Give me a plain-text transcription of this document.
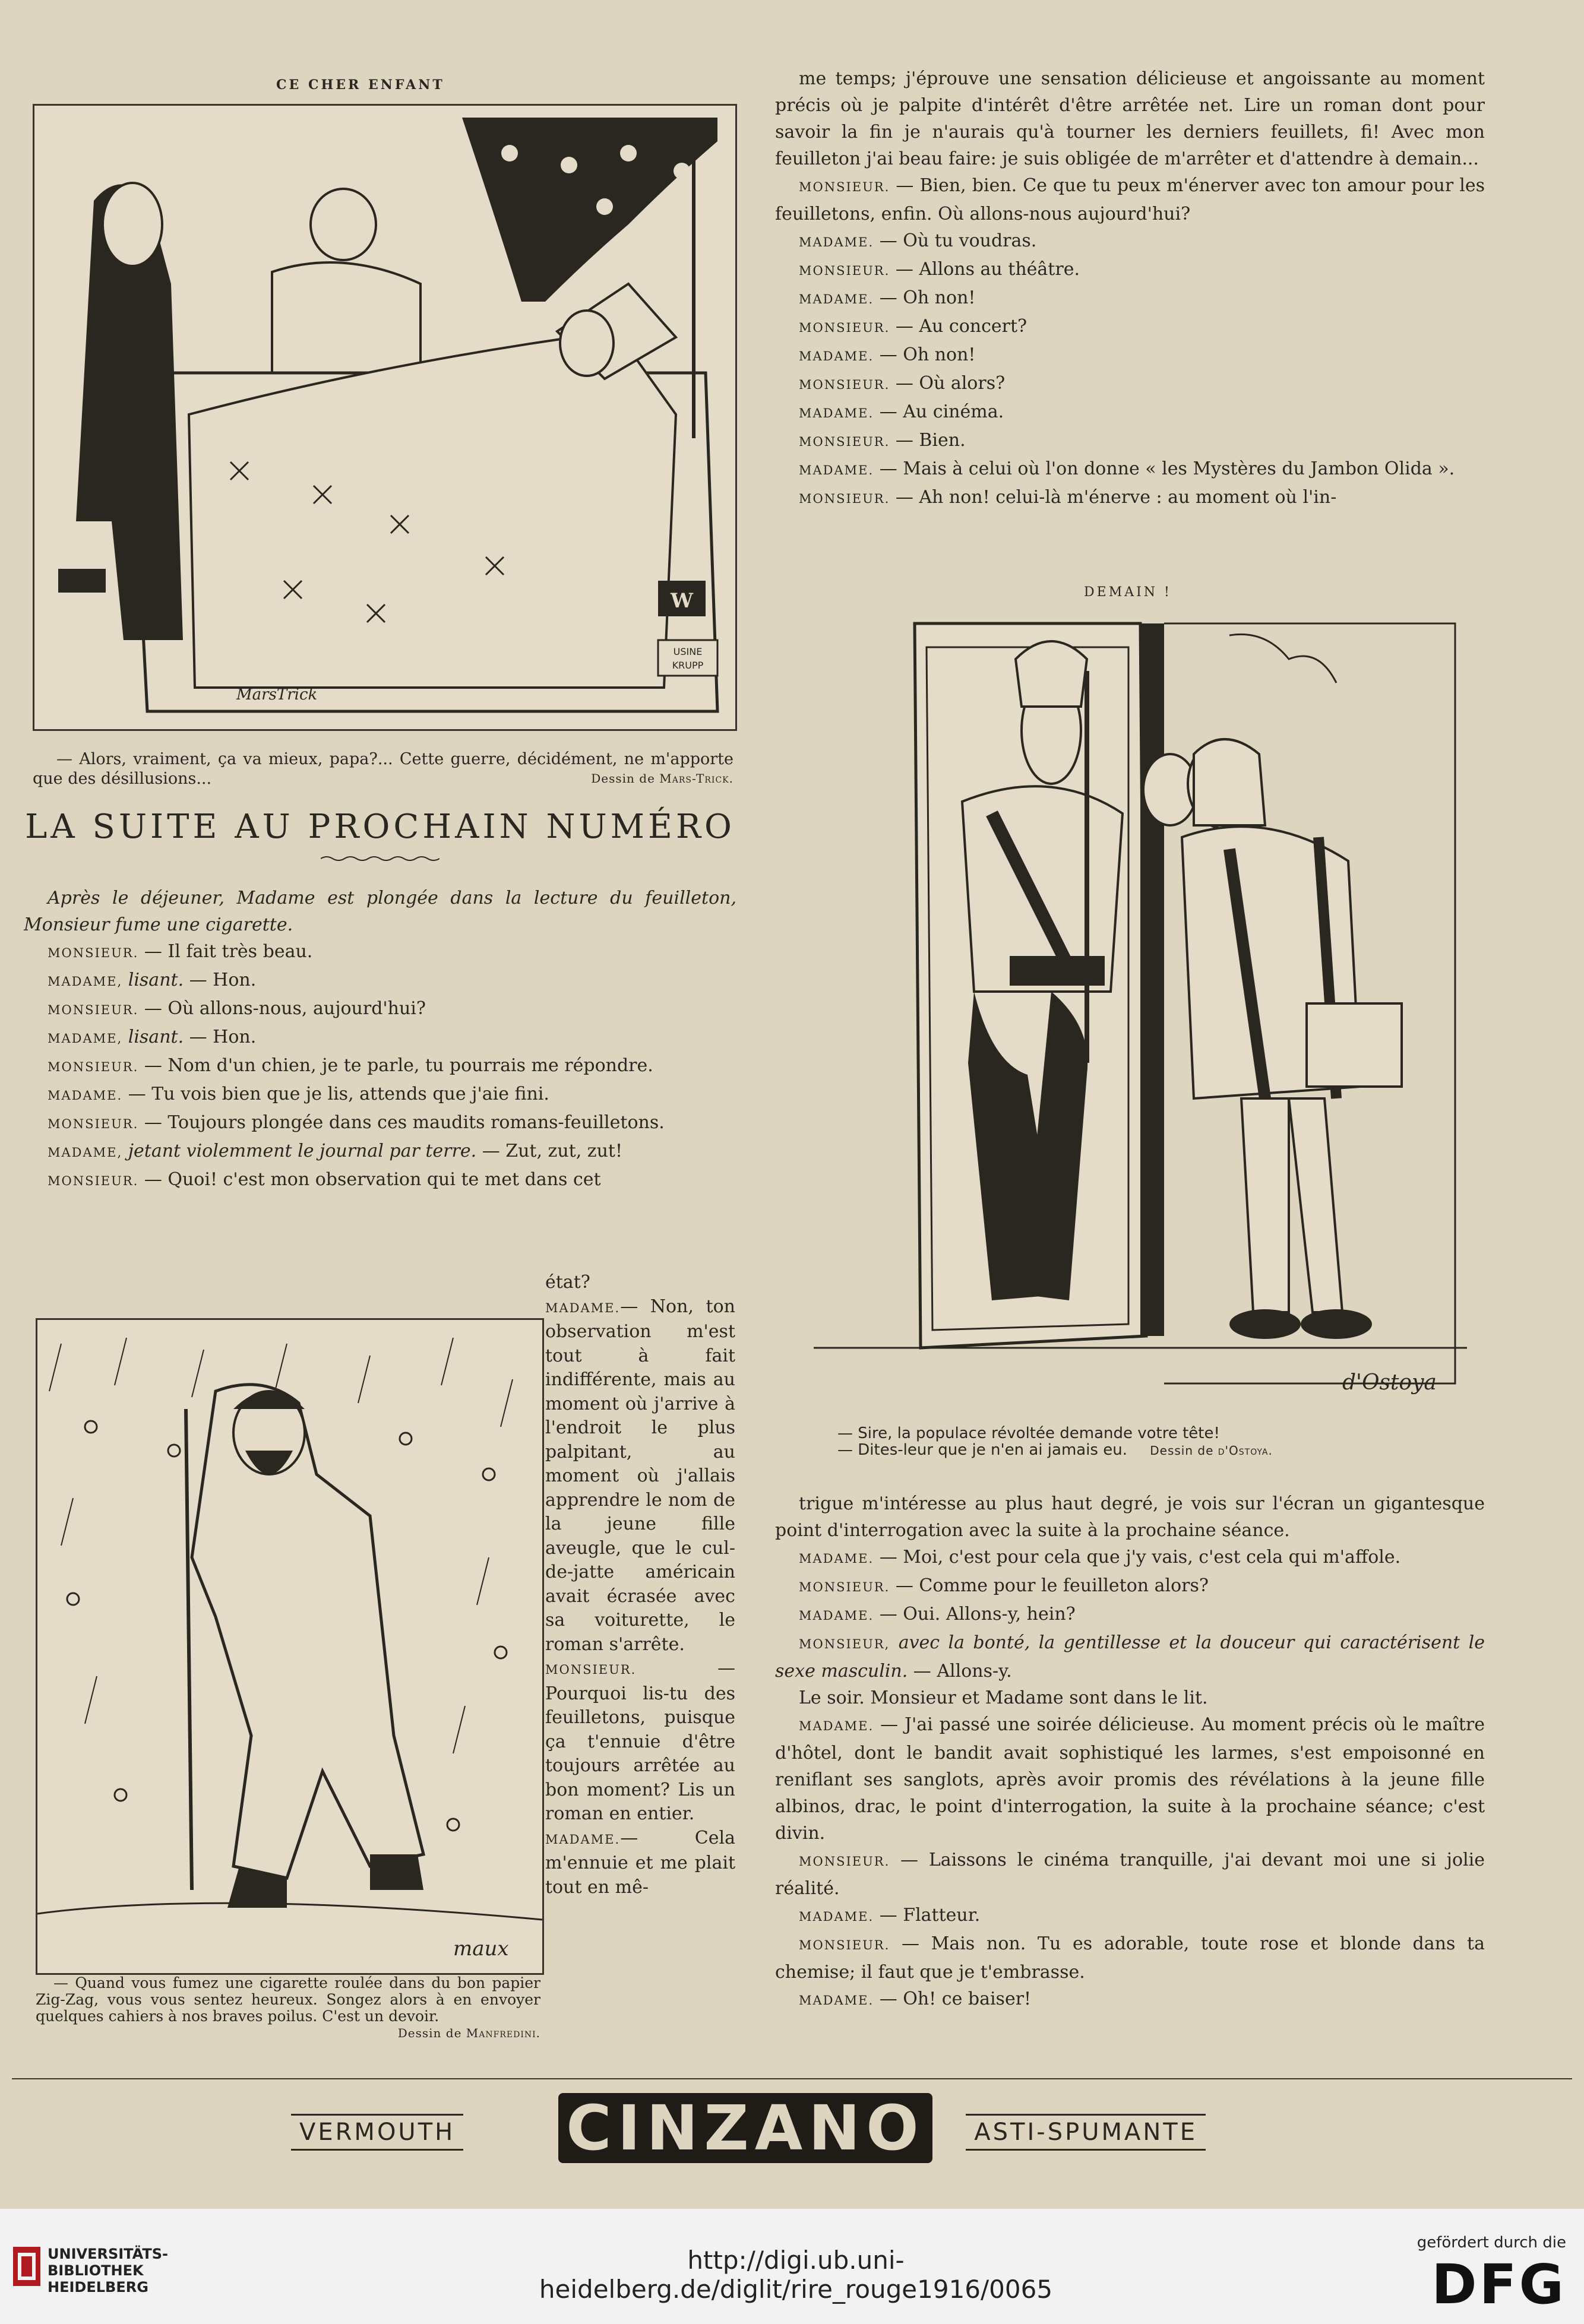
CE CHER ENFANT
W
USINE
KRUPP
MarsTrick
— Alors, vraiment, ça va mieux, papa?... Cette guerre, décidément, ne m'apporte que des désillusions...	Dessin de Mars-Trick.
LA SUITE AU PROCHAIN NUMÉRO

Après le déjeuner, Madame est plongée dans la lecture du feuilleton, Monsieur fume une cigarette.

MONSIEUR. — Il fait très beau.

MADAME, lisant. — Hon.

MONSIEUR. — Où allons-nous, aujourd'hui?

MADAME, lisant. — Hon.

MONSIEUR. — Nom d'un chien, je te parle, tu pourrais me répondre.

MADAME. — Tu vois bien que je lis, attends que j'aie fini.

MONSIEUR. — Toujours plongée dans ces maudits romans-feuilletons.

MADAME, jetant violemment le journal par terre. — Zut, zut, zut!

MONSIEUR. — Quoi! c'est mon observation qui te met dans cet

maux
— Quand vous fumez une cigarette roulée dans du bon papier Zig-Zag, vous vous sentez heureux. Songez alors à en envoyer quelques cahiers à nos braves poilus. C'est un devoir.

Dessin de Manfredini.

état?

MADAME.— Non, ton observation m'est tout à fait indifférente, mais au moment où j'arrive à l'endroit le plus palpitant, au moment où j'allais apprendre le nom de la jeune fille aveugle, que le cul-de-jatte américain avait écrasée avec sa voiturette, le roman s'arrête.

MONSIEUR. — Pourquoi lis-tu des feuilletons, puisque ça t'ennuie d'être toujours arrêtée au bon moment? Lis un roman en entier.

MADAME.— Cela m'ennuie et me plait tout en mê-

me temps; j'éprouve une sensation délicieuse et angoissante au moment précis où je palpite d'intérêt d'être arrêtée net. Lire un roman dont pour savoir la fin je n'aurais qu'à tourner les derniers feuillets, fi! Avec mon feuilleton j'ai beau faire: je suis obligée de m'arrêter et d'attendre à demain...

MONSIEUR. — Bien, bien. Ce que tu peux m'énerver avec ton amour pour les feuilletons, enfin. Où allons-nous aujourd'hui?

MADAME. — Où tu voudras.

MONSIEUR. — Allons au théâtre.

MADAME. — Oh non!

MONSIEUR. — Au concert?

MADAME. — Oh non!

MONSIEUR. — Où alors?

MADAME. — Au cinéma.

MONSIEUR. — Bien.

MADAME. — Mais à celui où l'on donne « les Mystères du Jambon Olida ».

MONSIEUR. — Ah non! celui-là m'énerve : au moment où l'in-

DEMAIN !
d'Ostoya
— Sire, la populace révoltée demande votre tête!
— Dites-leur que je n'en ai jamais eu. Dessin de d'Ostoya.

trigue m'intéresse au plus haut degré, je vois sur l'écran un gigantesque point d'interrogation avec la suite à la prochaine séance.

MADAME. — Moi, c'est pour cela que j'y vais, c'est cela qui m'affole.

MONSIEUR. — Comme pour le feuilleton alors?

MADAME. — Oui. Allons-y, hein?

MONSIEUR, avec la bonté, la gentillesse et la douceur qui caractérisent le sexe masculin. — Allons-y.

Le soir. Monsieur et Madame sont dans le lit.

MADAME. — J'ai passé une soirée délicieuse. Au moment précis où le maître d'hôtel, dont le bandit avait sophistiqué les larmes, s'est empoisonné en reniflant ses sanglots, après avoir promis des révélations à la jeune fille albinos, drac, le point d'interrogation, la suite à la prochaine séance; c'est divin.

MONSIEUR. — Laissons le cinéma tranquille, j'ai devant moi une si jolie réalité.

MADAME. — Flatteur.

MONSIEUR. — Mais non. Tu es adorable, toute rose et blonde dans ta chemise; il faut que je t'embrasse.

MADAME. — Oh! ce baiser!

VERMOUTH CINZANO	ASTI-SPUMANTE
UNIVERSITÄTS-
BIBLIOTHEK
HEIDELBERG
http://digi.ub.uni-heidelberg.de/diglit/rire_rouge1916/0065
gefördert durch die
DFG
